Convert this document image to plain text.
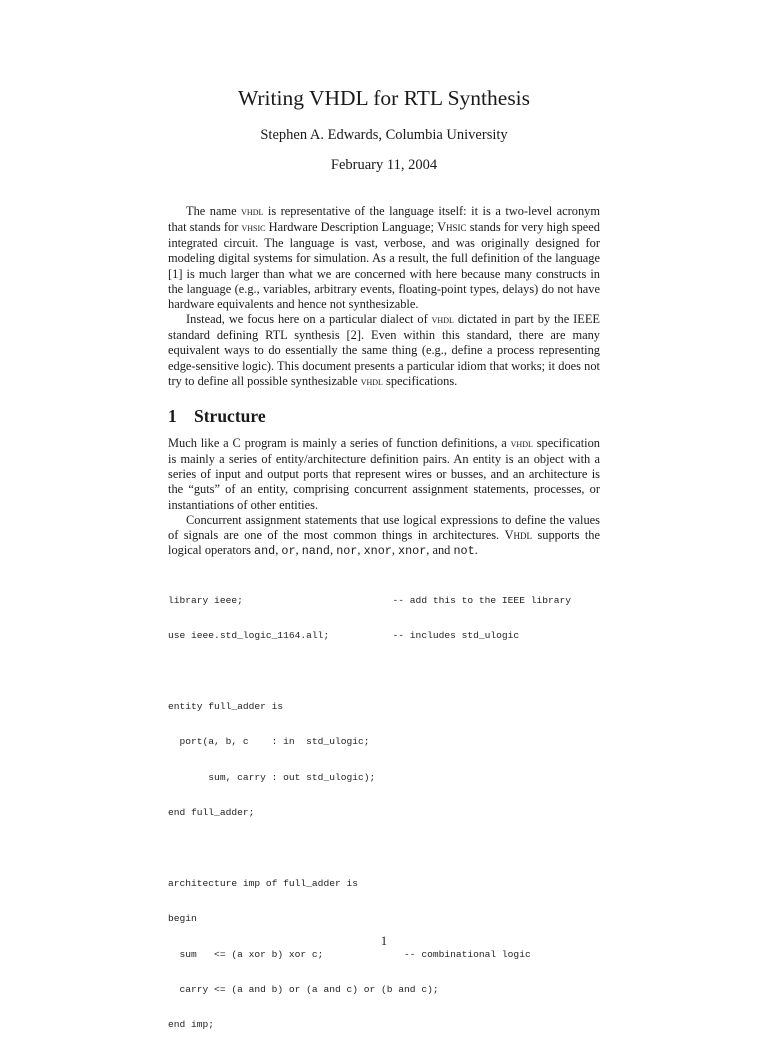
Writing VHDL for RTL Synthesis
Stephen A. Edwards, Columbia University
February 11, 2004

The name vhdl is representative of the language itself: it is a two-level acronym that stands for vhsic Hardware Description Language; Vhsic stands for very high speed integrated circuit. The language is vast, verbose, and was originally designed for modeling digital systems for simulation. As a result, the full definition of the language [1] is much larger than what we are concerned with here because many constructs in the language (e.g., variables, arbitrary events, floating-point types, delays) do not have hardware equivalents and hence not synthesizable.

Instead, we focus here on a particular dialect of vhdl dictated in part by the IEEE standard defining RTL synthesis [2]. Even within this standard, there are many equivalent ways to do essentially the same thing (e.g., define a process representing edge-sensitive logic). This document presents a particular idiom that works; it does not try to define all possible synthesizable vhdl specifications.

1 Structure

Much like a C program is mainly a series of function definitions, a vhdl specification is mainly a series of entity/architecture definition pairs. An entity is an object with a series of input and output ports that represent wires or busses, and an architecture is the “guts” of an entity, comprising concurrent assignment statements, processes, or instantiations of other entities.

Concurrent assignment statements that use logical expressions to define the values of signals are one of the most common things in architectures. Vhdl supports the logical operators and, or, nand, nor, xnor, xnor, and not.

library ieee;                          -- add this to the IEEE library

use ieee.std_logic_1164.all;           -- includes std_ulogic

entity full_adder is

port(a, b, c    : in  std_ulogic;

sum, carry : out std_ulogic);

end full_adder;

architecture imp of full_adder is

begin

sum   <= (a xor b) xor c;              -- combinational logic

carry <= (a and b) or (a and c) or (b and c);

end imp;

1
